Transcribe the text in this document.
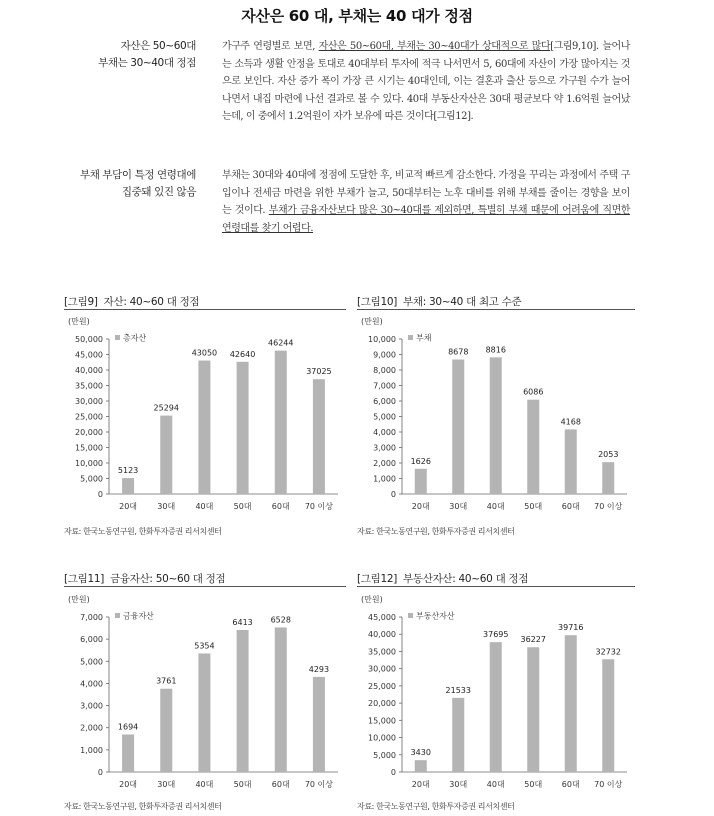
자산은 60 대, 부채는 40 대가 정점
자산은 50~60대
부채는 30~40대 정점
가구주 연령별로 보면, 자산은 50~60대, 부채는 30~40대가 상대적으로 많다[그림9,10]. 늘어나는 소득과 생활 안정을 토대로 40대부터 투자에 적극 나서면서 5, 60대에 자산이 가장 많아지는 것으로 보인다. 자산 증가 폭이 가장 큰 시기는 40대인데, 이는 결혼과 출산 등으로 가구원 수가 늘어나면서 내집 마련에 나선 결과로 볼 수 있다. 40대 부동산자산은 30대 평균보다 약 1.6억원 늘어났는데, 이 중에서 1.2억원이 자가 보유에 따른 것이다[그림12].
부채 부담이 특정 연령대에
집중돼 있진 않음
부채는 30대와 40대에 정점에 도달한 후, 비교적 빠르게 감소한다. 가정을 꾸리는 과정에서 주택 구입이나 전세금 마련을 위한 부채가 늘고, 50대부터는 노후 대비를 위해 부채를 줄이는 경향을 보이는 것이다. 부채가 금융자산보다 많은 30~40대를 제외하면, 특별히 부채 때문에 어려움에 직면한 연령대를 찾기 어렵다.
[그림9] 자산: 40~60 대 정점
(만원)
0
5,000
10,000
15,000
20,000
25,000
30,000
35,000
40,000
45,000
50,000
5123
20대
25294
30대
43050
40대
42640
50대
46244
60대
37025
70 이상
총자산
자료: 한국노동연구원, 한화투자증권 리서치센터
[그림10] 부채: 30~40 대 최고 수준
(만원)
0
1,000
2,000
3,000
4,000
5,000
6,000
7,000
8,000
9,000
10,000
1626
20대
8678
30대
8816
40대
6086
50대
4168
60대
2053
70 이상
부채
자료: 한국노동연구원, 한화투자증권 리서치센터
[그림11] 금융자산: 50~60 대 정점
(만원)
0
1,000
2,000
3,000
4,000
5,000
6,000
7,000
1694
20대
3761
30대
5354
40대
6413
50대
6528
60대
4293
70 이상
금융자산
자료: 한국노동연구원, 한화투자증권 리서치센터
[그림12] 부동산자산: 40~60 대 정점
(만원)
0
5,000
10,000
15,000
20,000
25,000
30,000
35,000
40,000
45,000
3430
20대
21533
30대
37695
40대
36227
50대
39716
60대
32732
70 이상
부동산자산
자료: 한국노동연구원, 한화투자증권 리서치센터
